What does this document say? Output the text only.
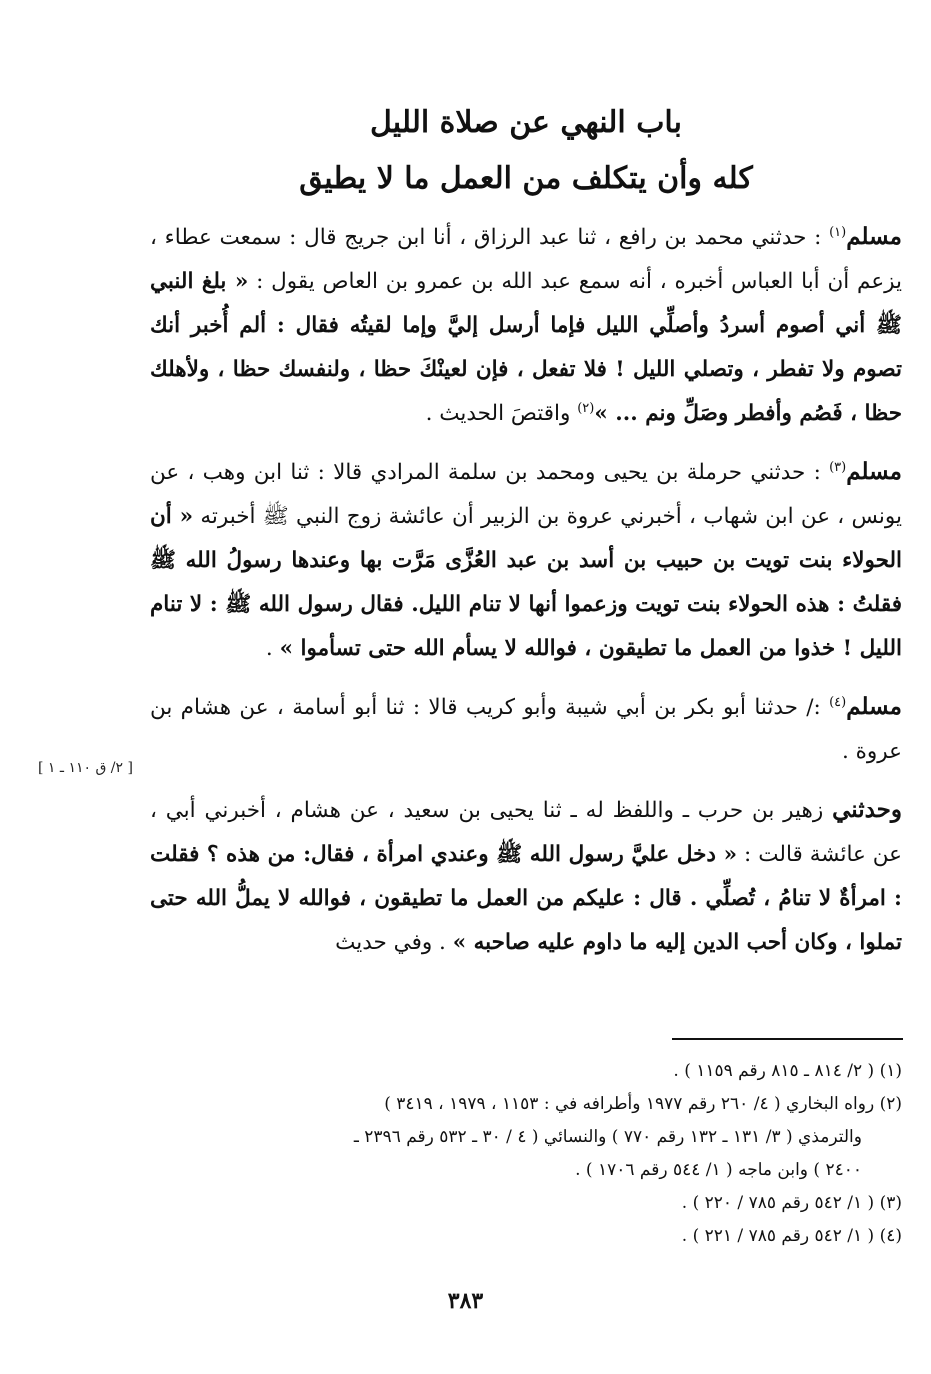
باب النهي عن صلاة الليل
كله وأن يتكلف من العمل ما لا يطيق

مسلم$^{(١)}$ : حدثني محمد بن رافع ، ثنا عبد الرزاق ، أنا ابن جريج قال : سمعت عطاء ، يزعم أن أبا العباس أخبره ، أنه سمع عبد الله بن عمرو بن العاص يقول : « بلغ النبي ﷺ أني أصوم أسردُ وأصلِّي الليل فإما أرسل إليَّ وإما لقيتُه فقال : ألم أُخبر أنك تصوم ولا تفطر ، وتصلي الليل ! فلا تفعل ، فإن لعينْكَ حظا ، ولنفسك حظا ، ولأهلك حظا ، فَصُم وأفطر وصَلِّ ونم ... »$^{(٢)}$ واقتصَ الحديث .

مسلم$^{(٣)}$ : حدثني حرملة بن يحيى ومحمد بن سلمة المرادي قالا : ثنا ابن وهب ، عن يونس ، عن ابن شهاب ، أخبرني عروة بن الزبير أن عائشة زوج النبي ﷺ أخبرته « أن الحولاء بنت تويت بن حبيب بن أسد بن عبد العُزَّى مَرَّت بها وعندها رسولُ الله ﷺ فقلتُ : هذه الحولاء بنت تويت وزعموا أنها لا تنام الليل. فقال رسول الله ﷺ : لا تنام الليل ! خذوا من العمل ما تطيقون ، فوالله لا يسأم الله حتى تسأموا » .

مسلم$^{(٤)}$ :/ حدثنا أبو بكر بن أبي شيبة وأبو كريب قالا : ثنا أبو أسامة ، عن هشام بن عروة .

وحدثني زهير بن حرب ـ واللفظ له ـ ثنا يحيى بن سعيد ، عن هشام ، أخبرني أبي ، عن عائشة قالت : « دخل عليَّ رسول الله ﷺ وعندي امرأة ، فقال: من هذه ؟ فقلت : امرأةٌ لا تنامُ ، تُصلِّي . قال : عليكم من العمل ما تطيقون ، فوالله لا يملُّ الله حتى تملوا ، وكان أحب الدين إليه ما داوم عليه صاحبه » . وفي حديث

[ ٢/ ق ١١٠ ـ ١ ]

(١) ( ٢/ ٨١٤ ـ ٨١٥ رقم ١١٥٩ ) .

(٢) رواه البخاري ( ٤/ ٢٦٠ رقم ١٩٧٧ وأطرافه في : ١١٥٣ ، ١٩٧٩ ، ٣٤١٩ )

والترمذي ( ٣/ ١٣١ ـ ١٣٢ رقم ٧٧٠ ) والنسائي ( ٤ / ٣٠ ـ ٥٣٢ رقم ٢٣٩٦ ـ

٢٤٠٠ ) وابن ماجه ( ١/ ٥٤٤ رقم ١٧٠٦ ) .

(٣) ( ١/ ٥٤٢ رقم ٧٨٥ / ٢٢٠ ) .

(٤) ( ١/ ٥٤٢ رقم ٧٨٥ / ٢٢١ ) .

٣٨٣
